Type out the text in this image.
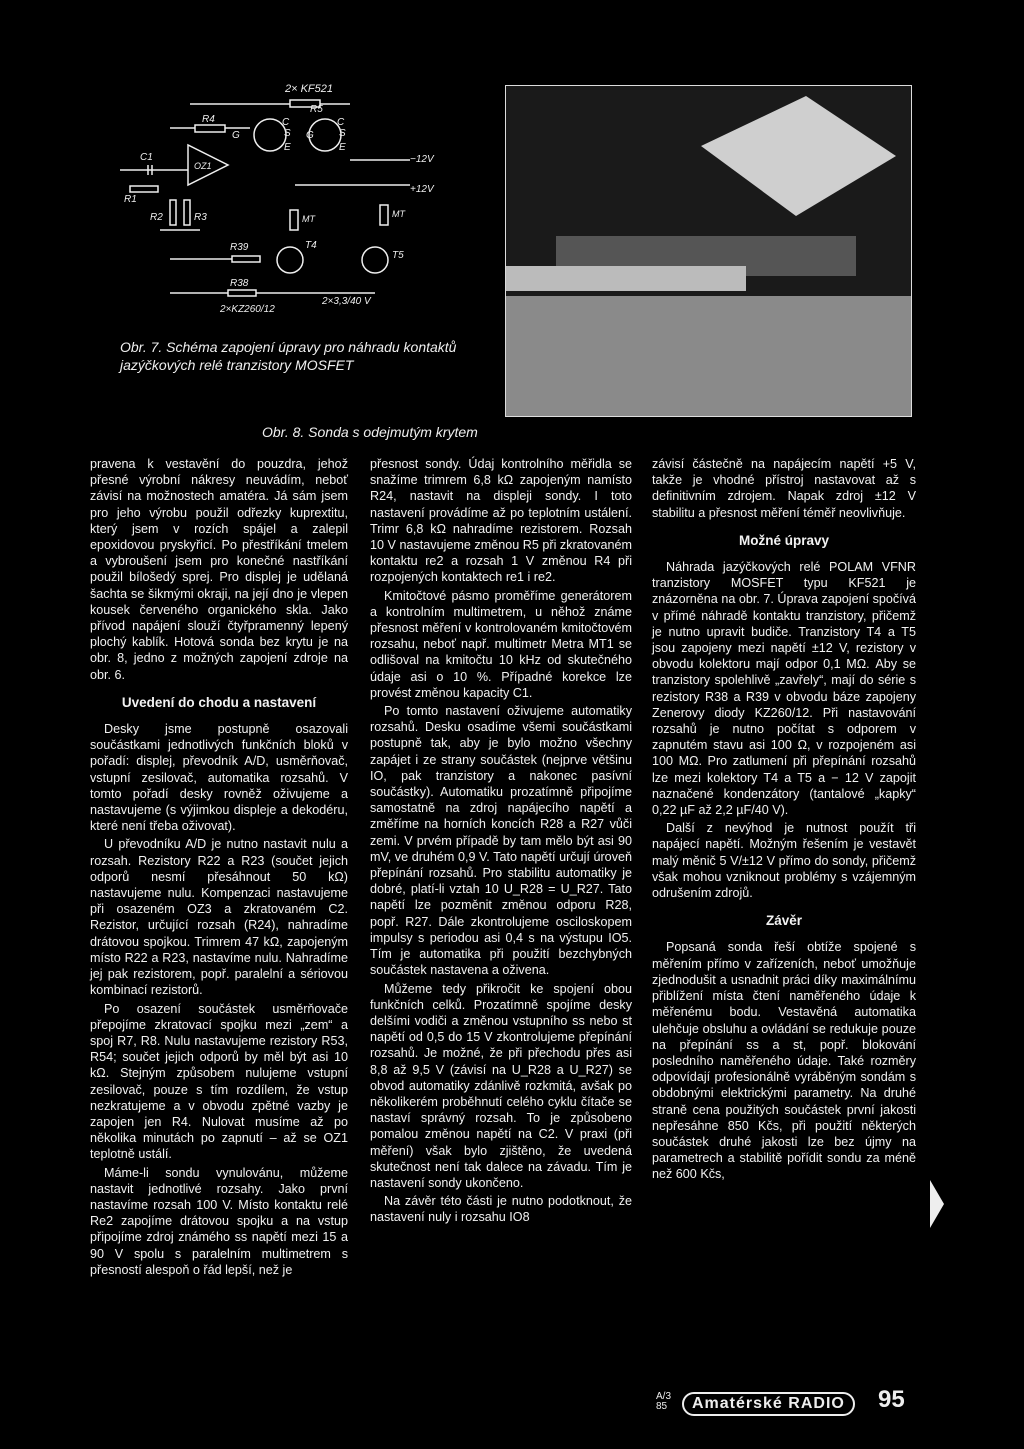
2× KF521
R5
R4
G	G
C	C
S	S
E	E
OZ1
C1
R1
R2	R3
−12V
+12V
MT	MT
T4
T5
R39
R38
2×KZ260/12
2×3,3/40 V
Obr. 7. Schéma zapojení úpravy pro náhradu kontaktů jazýčkových relé tranzistory MOSFET
Obr. 8. Sonda s odejmutým krytem

pravena k vestavění do pouzdra, jehož přesné výrobní nákresy neuvádím, neboť závisí na možnostech amatéra. Já sám jsem pro jeho výrobu použil odřezky kuprextitu, který jsem v rozích spájel a zalepil epoxidovou pryskyřicí. Po přestříkání tmelem a vybroušení jsem pro konečné nastříkání použil bílošedý sprej. Pro displej je udělaná šachta se šikmými okraji, na její dno je vlepen kousek červeného organického skla. Jako přívod napájení slouží čtyřpramenný lepený plochý kablík. Hotová sonda bez krytu je na obr. 8, jedno z možných zapojení zdroje na obr. 6.

Uvedení do chodu a nastavení

Desky jsme postupně osazovali součástkami jednotlivých funkčních bloků v pořadí: displej, převodník A/D, usměrňovač, vstupní zesilovač, automatika rozsahů. V tomto pořadí desky rovněž oživujeme a nastavujeme (s výjimkou displeje a dekodéru, které není třeba oživovat).

U převodníku A/D je nutno nastavit nulu a rozsah. Rezistory R22 a R23 (součet jejich odporů nesmí přesáhnout 50 kΩ) nastavujeme nulu. Kompenzaci nastavujeme při osazeném OZ3 a zkratovaném C2. Rezistor, určující rozsah (R24), nahradíme drátovou spojkou. Trimrem 47 kΩ, zapojeným místo R22 a R23, nastavíme nulu. Nahradíme jej pak rezistorem, popř. paralelní a sériovou kombinací rezistorů.

Po osazení součástek usměrňovače přepojíme zkratovací spojku mezi „zem“ a spoj R7, R8. Nulu nastavujeme rezistory R53, R54; součet jejich odporů by měl být asi 10 kΩ. Stejným způsobem nulujeme vstupní zesilovač, pouze s tím rozdílem, že vstup nezkratujeme a v obvodu zpětné vazby je zapojen jen R4. Nulovat musíme až po několika minutách po zapnutí – až se OZ1 teplotně ustálí.

Máme-li sondu vynulovánu, můžeme nastavit jednotlivé rozsahy. Jako první nastavíme rozsah 100 V. Místo kontaktu relé Re2 zapojíme drátovou spojku a na vstup připojíme zdroj známého ss napětí mezi 15 a 90 V spolu s paralelním multimetrem s přesností alespoň o řád lepší, než je

přesnost sondy. Údaj kontrolního měřidla se snažíme trimrem 6,8 kΩ zapojeným namísto R24, nastavit na displeji sondy. I toto nastavení provádíme až po teplotním ustálení. Trimr 6,8 kΩ nahradíme rezistorem. Rozsah 10 V nastavujeme změnou R5 při zkratovaném kontaktu re2 a rozsah 1 V změnou R4 při rozpojených kontaktech re1 i re2.

Kmitočtové pásmo proměříme generátorem a kontrolním multimetrem, u něhož známe přesnost měření v kontrolovaném kmitočtovém rozsahu, neboť např. multimetr Metra MT1 se odlišoval na kmitočtu 10 kHz od skutečného údaje asi o 10 %. Případné korekce lze provést změnou kapacity C1.

Po tomto nastavení oživujeme automatiky rozsahů. Desku osadíme všemi součástkami postupně tak, aby je bylo možno všechny zapájet i ze strany součástek (nejprve většinu IO, pak tranzistory a nakonec pasívní součástky). Automatiku prozatímně připojíme samostatně na zdroj napájecího napětí a změříme na horních koncích R28 a R27 vůči zemi. V prvém případě by tam mělo být asi 90 mV, ve druhém 0,9 V. Tato napětí určují úroveň přepínání rozsahů. Pro stabilitu automatiky je dobré, platí-li vztah 10 U_R28 = U_R27. Tato napětí lze pozměnit změnou odporu R28, popř. R27. Dále zkontrolujeme osciloskopem impulsy s periodou asi 0,4 s na výstupu IO5. Tím je automatika při použití bezchybných součástek nastavena a oživena.

Můžeme tedy přikročit ke spojení obou funkčních celků. Prozatímně spojíme desky delšími vodiči a změnou vstupního ss nebo st napětí od 0,5 do 15 V zkontrolujeme přepínání rozsahů. Je možné, že při přechodu přes asi 8,8 až 9,5 V (závisí na U_R28 a U_R27) se obvod automatiky zdánlivě rozkmitá, avšak po několikerém proběhnutí celého cyklu čítače se nastaví správný rozsah. To je způsobeno pomalou změnou napětí na C2. V praxi (při měření) však bylo zjištěno, že uvedená skutečnost není tak dalece na závadu. Tím je nastavení sondy ukončeno.

Na závěr této části je nutno podotknout, že nastavení nuly i rozsahu IO8

závisí částečně na napájecím napětí +5 V, takže je vhodné přístroj nastavovat až s definitivním zdrojem. Napak zdroj ±12 V stabilitu a přesnost měření téměř neovlivňuje.

Možné úpravy

Náhrada jazýčkových relé POLAM VFNR tranzistory MOSFET typu KF521 je znázorněna na obr. 7. Úprava zapojení spočívá v přímé náhradě kontaktu tranzistory, přičemž je nutno upravit budiče. Tranzistory T4 a T5 jsou zapojeny mezi napětí ±12 V, rezistory v obvodu kolektoru mají odpor 0,1 MΩ. Aby se tranzistory spolehlivě „zavřely“, mají do série s rezistory R38 a R39 v obvodu báze zapojeny Zenerovy diody KZ260/12. Při nastavování rozsahů je nutno počítat s odporem v zapnutém stavu asi 100 Ω, v rozpojeném asi 100 MΩ. Pro zatlumení při přepínání rozsahů lze mezi kolektory T4 a T5 a − 12 V zapojit naznačené kondenzátory (tantalové „kapky“ 0,22 µF až 2,2 µF/40 V).

Další z nevýhod je nutnost použít tři napájecí napětí. Možným řešením je vestavět malý měnič 5 V/±12 V přímo do sondy, přičemž však mohou vzniknout problémy s vzájemným odrušením zdrojů.

Závěr

Popsaná sonda řeší obtíže spojené s měřením přímo v zařízeních, neboť umožňuje zjednodušit a usnadnit práci díky maximálnímu přiblížení místa čtení naměřeného údaje k měřenému bodu. Vestavěná automatika ulehčuje obsluhu a ovládání se redukuje pouze na přepínání ss a st, popř. blokování posledního naměřeného údaje. Také rozměry odpovídají profesionálně vyráběným sondám s obdobnými elektrickými parametry. Na druhé straně cena použitých součástek první jakosti nepřesáhne 850 Kčs, při použití některých součástek druhé jakosti lze bez újmy na parametrech a stabilitě pořídit sondu za méně než 600 Kčs,

A/3
85	Amatérské RADIO	95
